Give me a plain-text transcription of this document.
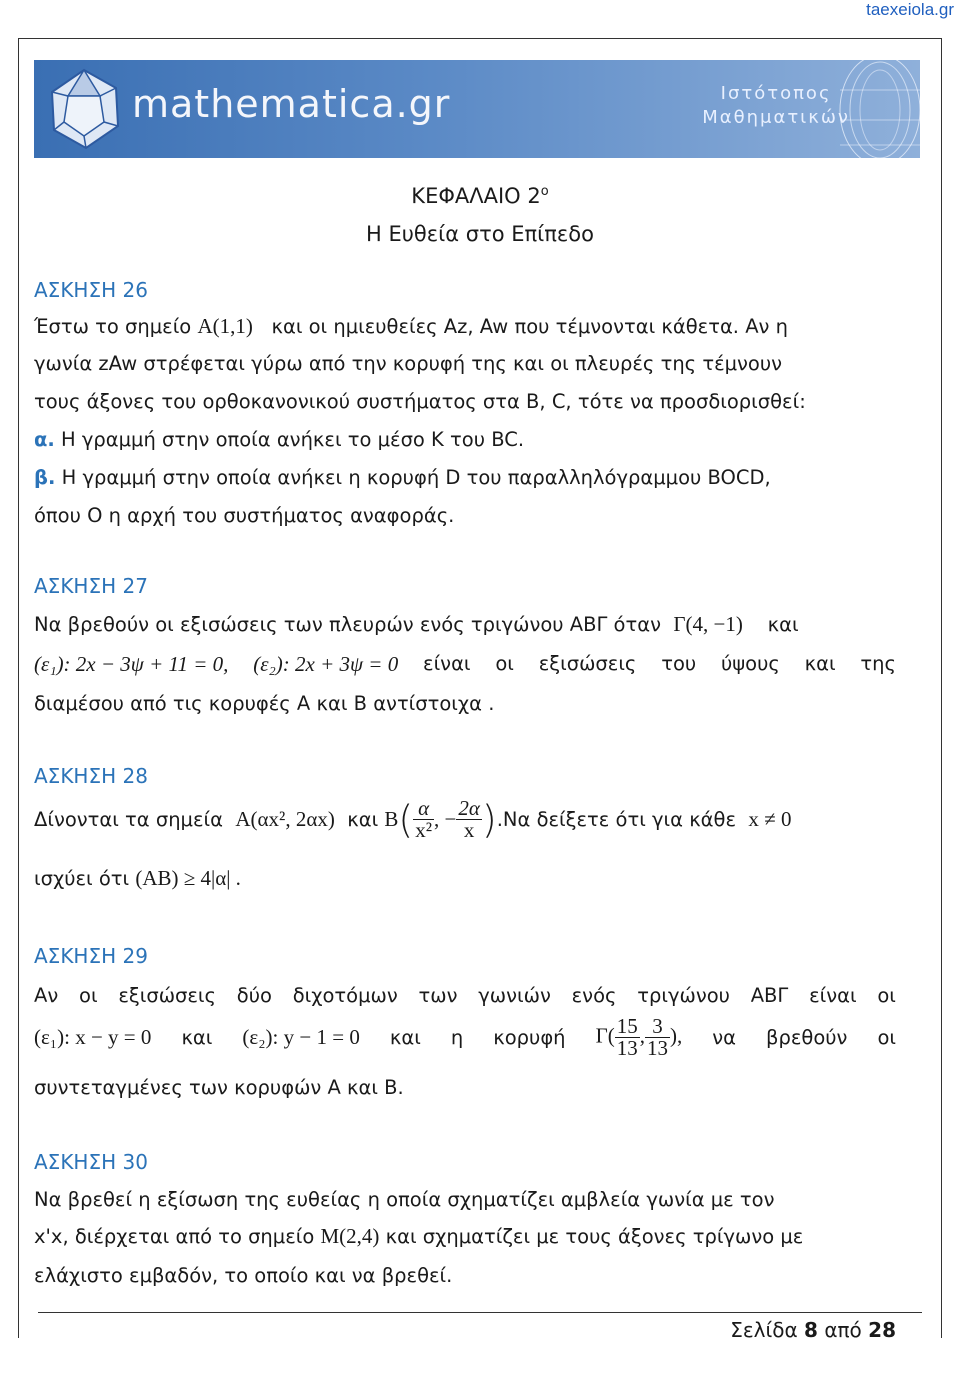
taexeiola.gr
mathematica.gr	Ιστότοπος
Μαθηματικών
ΚΕΦΑΛΑΙΟ $2^o$
Η Ευθεία στο Επίπεδο
ΑΣΚΗΣΗ 26
Έστω το σημείο A(1,1) και οι ημιευθείες Az, Aw που τέμνονται κάθετα. Αν η
γωνία zAw στρέφεται γύρω από την κορυφή της και οι πλευρές της τέμνουν
τους άξονες του ορθοκανονικού συστήματος στα B, C, τότε να προσδιορισθεί:
α. Η γραμμή στην οποία ανήκει το μέσο K του BC.
β. Η γραμμή στην οποία ανήκει η κορυφή D του παραλληλόγραμμου BOCD,
όπου O η αρχή του συστήματος αναφοράς.
ΑΣΚΗΣΗ 27
Να βρεθούν οι εξισώσεις των πλευρών ενός τριγώνου ΑΒΓ όταν Γ(4, −1) και
(ε₁): 2x − 3ψ + 11 = 0, (ε₂): 2x + 3ψ = 0 είναι οι εξισώσεις του ύψους και της
διαμέσου από τις κορυφές Α και Β αντίστοιχα .
ΑΣΚΗΣΗ 28
Δίνονται τα σημεία A(αx², 2αx) και $B( \frac{\alpha}{\text{x²}}$ , − $\frac{2\alpha}{x} ).N\alpha$ δείξετε ότι για κάθε x ≠ 0
ισχύει ότι (AB) ≥ 4|α| .
ΑΣΚΗΣΗ 29
Αν οι εξισώσεις δύο διχοτόμων των γωνιών ενός τριγώνου ΑΒΓ είναι οι
(ε₁): x − y = 0 και (ε₂): y − 1 = 0 και η κορυφή $\Gamma( \frac{15}{13}$ , $\frac{3}{13}$ ), να βρεθούν οι
συντεταγμένες των κορυφών Α και Β.
ΑΣΚΗΣΗ 30
Να βρεθεί η εξίσωση της ευθείας η οποία σχηματίζει αμβλεία γωνία με τον
x'x, διέρχεται από το σημείο M(2,4) και σχηματίζει με τους άξονες τρίγωνο με
ελάχιστο εμβαδόν, το οποίο και να βρεθεί.
Σελίδα 8 από 28
